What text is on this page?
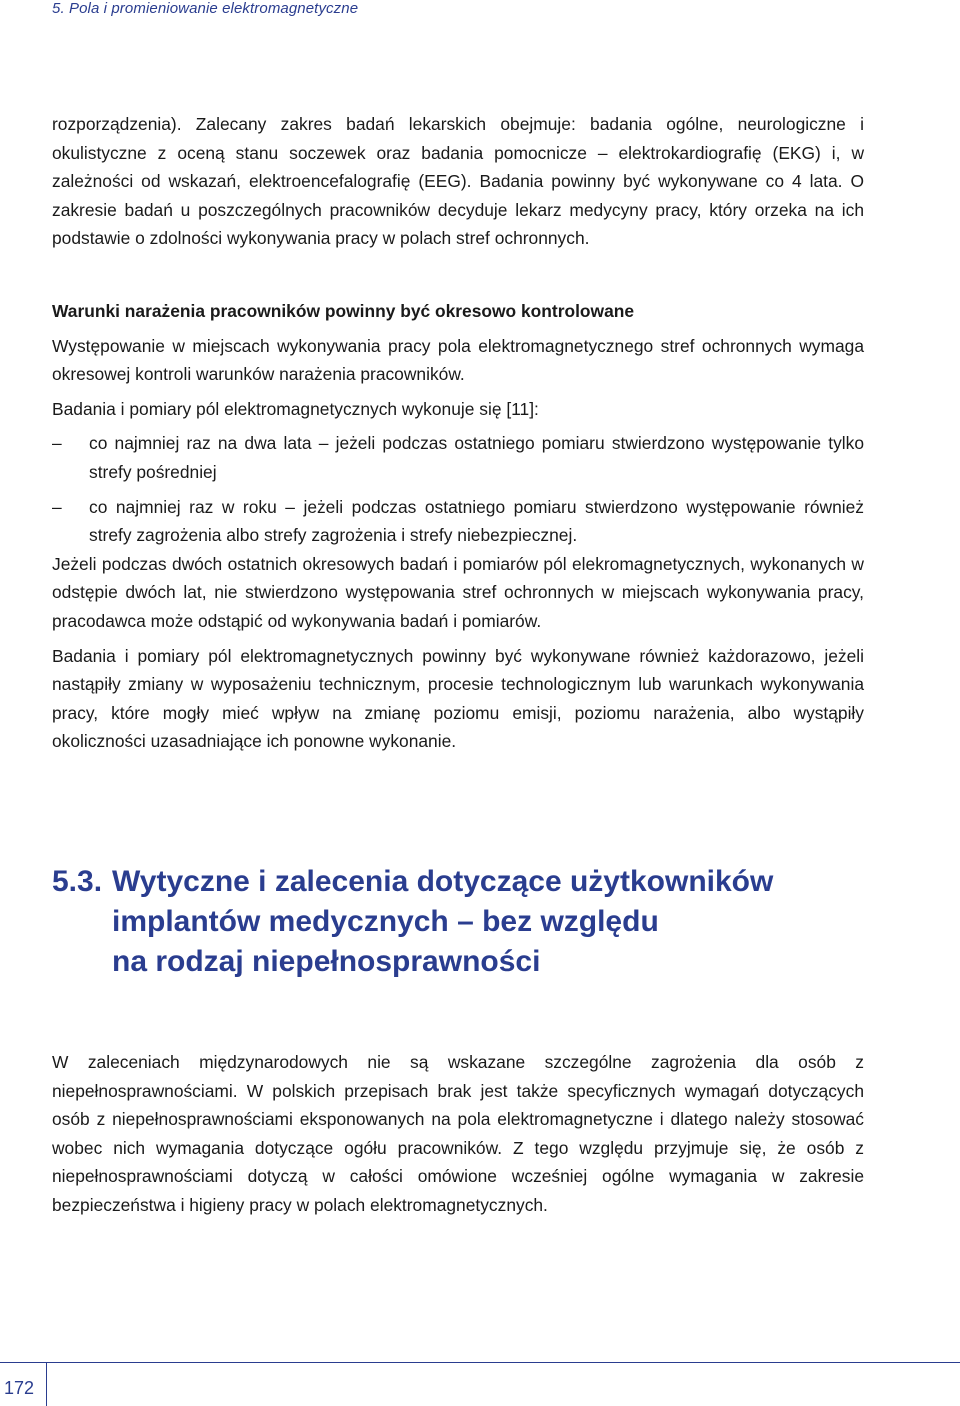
5. Pola i promieniowanie elektromagnetyczne

rozporządzenia). Zalecany zakres badań lekarskich obejmuje: badania ogólne, neurologiczne i okulistyczne z oceną stanu soczewek oraz badania pomocnicze – elektrokardiografię (EKG) i, w zależności od wskazań, elektroencefalografię (EEG). Badania powinny być wykonywane co 4 lata. O zakresie badań u poszczególnych pracowników decyduje lekarz medycyny pracy, który orzeka na ich podstawie o zdolności wykonywania pracy w polach stref ochronnych.

Warunki narażenia pracowników powinny być okresowo kontrolowane

Występowanie w miejscach wykonywania pracy pola elektromagnetycznego stref ochronnych wymaga okresowej kontroli warunków narażenia pracowników.

Badania i pomiary pól elektromagnetycznych wykonuje się [11]:

– co najmniej raz na dwa lata – jeżeli podczas ostatniego pomiaru stwierdzono występowanie tylko strefy pośredniej
– co najmniej raz w roku – jeżeli podczas ostatniego pomiaru stwierdzono występowanie również strefy zagrożenia albo strefy zagrożenia i strefy niebezpiecznej.

Jeżeli podczas dwóch ostatnich okresowych badań i pomiarów pól elekromagnetycznych, wykonanych w odstępie dwóch lat, nie stwierdzono występowania stref ochronnych w miejscach wykonywania pracy, pracodawca może odstąpić od wykonywania badań i pomiarów.

Badania i pomiary pól elektromagnetycznych powinny być wykonywane również każdorazowo, jeżeli nastąpiły zmiany w wyposażeniu technicznym, procesie technologicznym lub warunkach wykonywania pracy, które mogły mieć wpływ na zmianę poziomu emisji, poziomu narażenia, albo wystąpiły okoliczności uzasadniające ich ponowne wykonanie.

5.3. Wytyczne i zalecenia dotyczące użytkowników
implantów medycznych – bez względu
na rodzaj niepełnosprawności
W zaleceniach międzynarodowych nie są wskazane szczególne zagrożenia dla osób z niepełnosprawnościami. W polskich przepisach brak jest także specyficznych wymagań dotyczących osób z niepełnosprawnościami eksponowanych na pola elektromagnetyczne i dlatego należy stosować wobec nich wymagania dotyczące ogółu pracowników. Z tego względu przyjmuje się, że osób z niepełnosprawnościami dotyczą w całości omówione wcześniej ogólne wymagania w zakresie bezpieczeństwa i higieny pracy w polach elektromagnetycznych.
172
